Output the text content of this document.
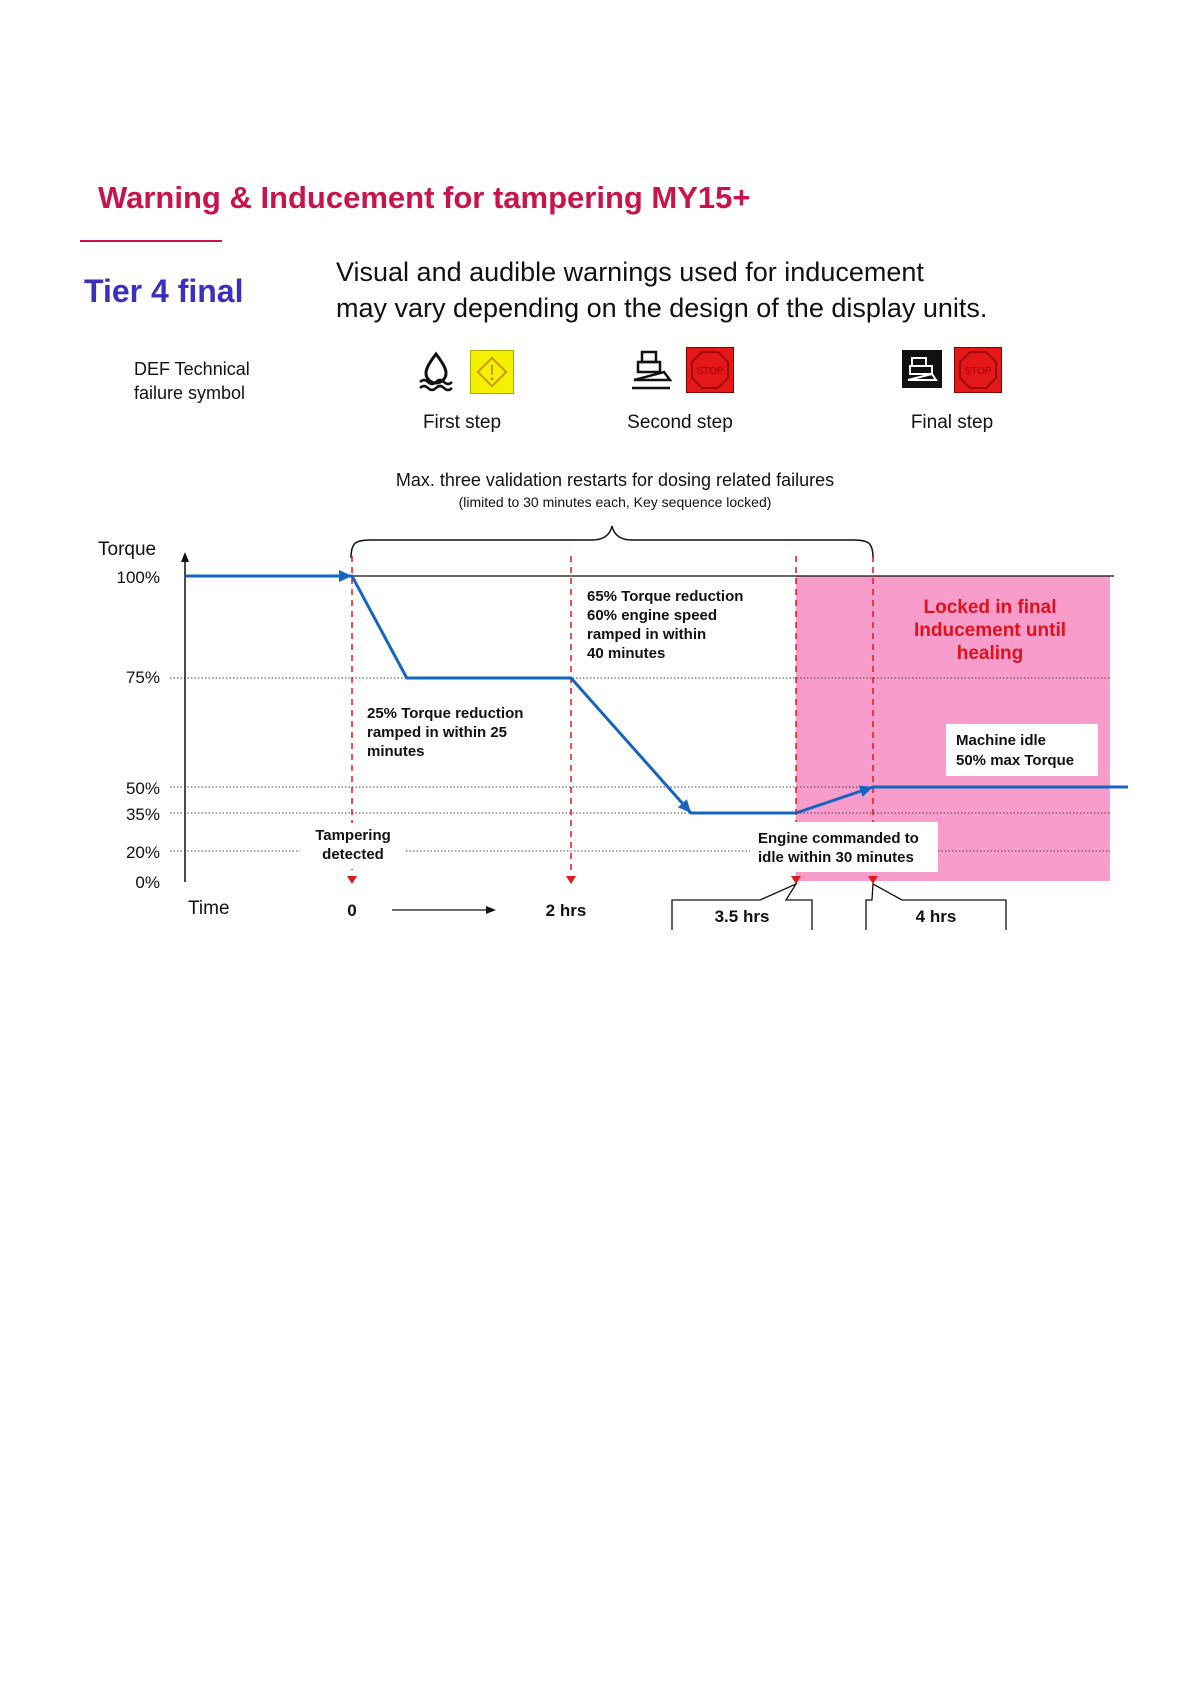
Warning & Inducement for tampering MY15+
Tier 4 final
Visual and audible warnings used for inducement
may vary depending on the design of the display units.
DEF Technical
failure symbol
First step
STOP
Second step
STOP
Final step
Max. three validation restarts for dosing related failures
(limited to 30 minutes each, Key sequence locked)
Torque
100%
75%
50%
35%
20%
0%
Tampering
detected
25% Torque reduction
ramped in within 25
minutes
65% Torque reduction
60% engine speed
ramped in within
40 minutes
Locked in final
Inducement until
healing
Machine idle
50% max Torque
Engine commanded to
idle within 30 minutes
Time	0	2 hrs	3.5 hrs	4 hrs
